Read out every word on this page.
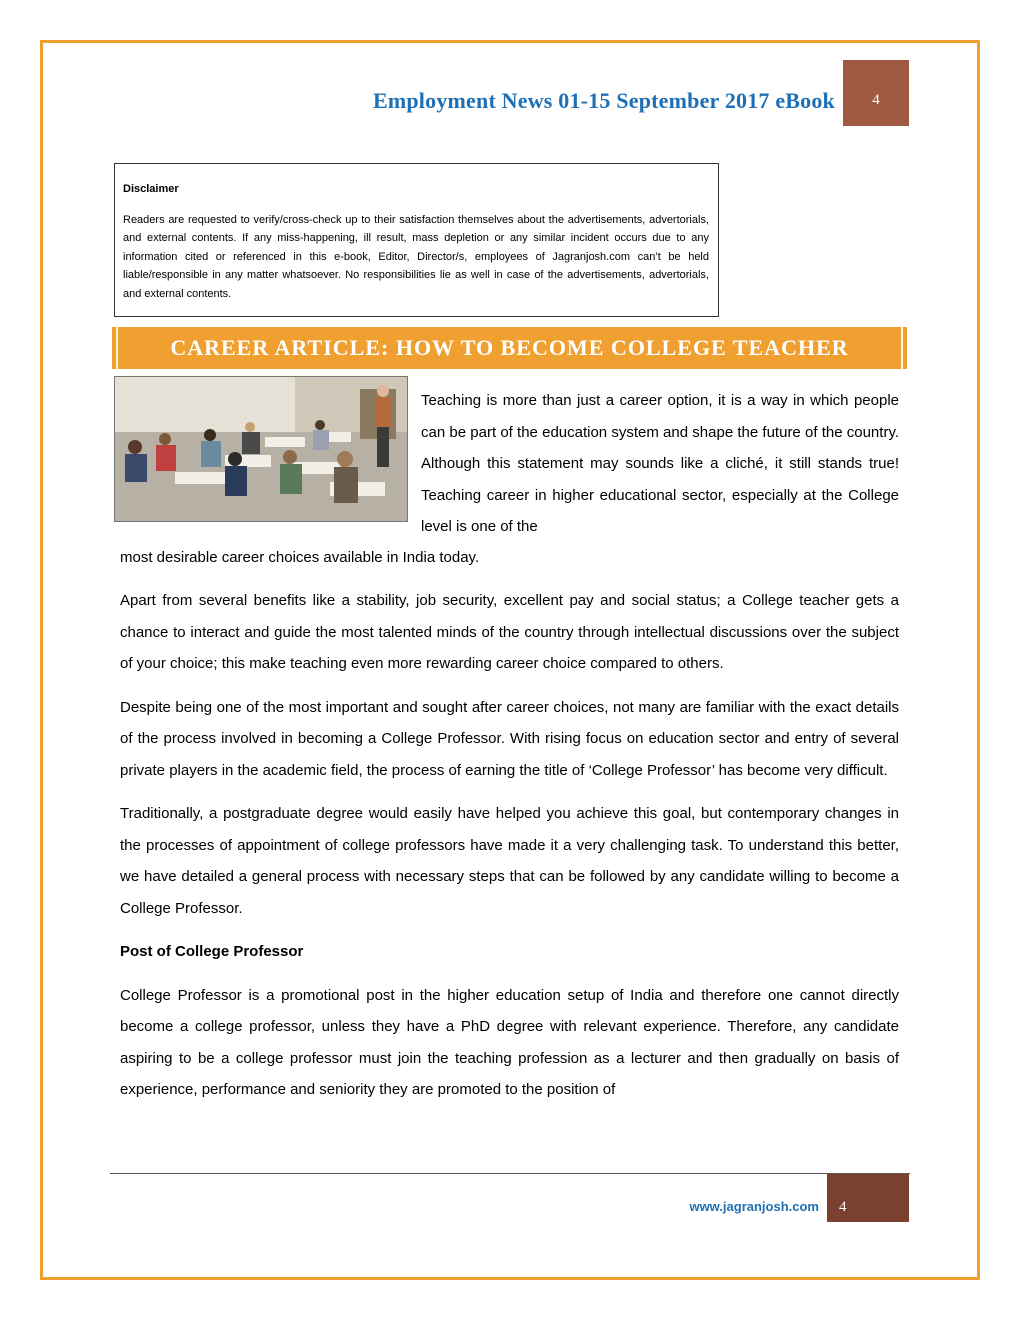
Employment News 01-15 September 2017 eBook	4
Disclaimer
Readers are requested to verify/cross-check up to their satisfaction themselves about the advertisements, advertorials, and external contents. If any miss-happening, ill result, mass depletion or any similar incident occurs due to any information cited or referenced in this e-book, Editor, Director/s, employees of Jagranjosh.com can’t be held liable/responsible in any matter whatsoever. No responsibilities lie as well in case of the advertisements, advertorials, and external contents.
CAREER ARTICLE: HOW TO BECOME COLLEGE TEACHER
Teaching is more than just a career option, it is a way in which people can be part of the education system and shape the future of the country. Although this statement may sounds like a cliché, it still stands true! Teaching career in higher educational sector, especially at the College level is one of the
most desirable career choices available in India today.

Apart from several benefits like a stability, job security, excellent pay and social status; a College teacher gets a chance to interact and guide the most talented minds of the country through intellectual discussions over the subject of your choice; this make teaching even more rewarding career choice compared to others.

Despite being one of the most important and sought after career choices, not many are familiar with the exact details of the process involved in becoming a College Professor. With rising focus on education sector and entry of several private players in the academic field, the process of earning the title of ‘College Professor’ has become very difficult.

Traditionally, a postgraduate degree would easily have helped you achieve this goal, but contemporary changes in the processes of appointment of college professors have made it a very challenging task. To understand this better, we have detailed a general process with necessary steps that can be followed by any candidate willing to become a College Professor.

Post of College Professor

College Professor is a promotional post in the higher education setup of India and therefore one cannot directly become a college professor, unless they have a PhD degree with relevant experience. Therefore, any candidate aspiring to be a college professor must join the teaching profession as a lecturer and then gradually on basis of experience, performance and seniority they are promoted to the position of

www.jagranjosh.com 4
